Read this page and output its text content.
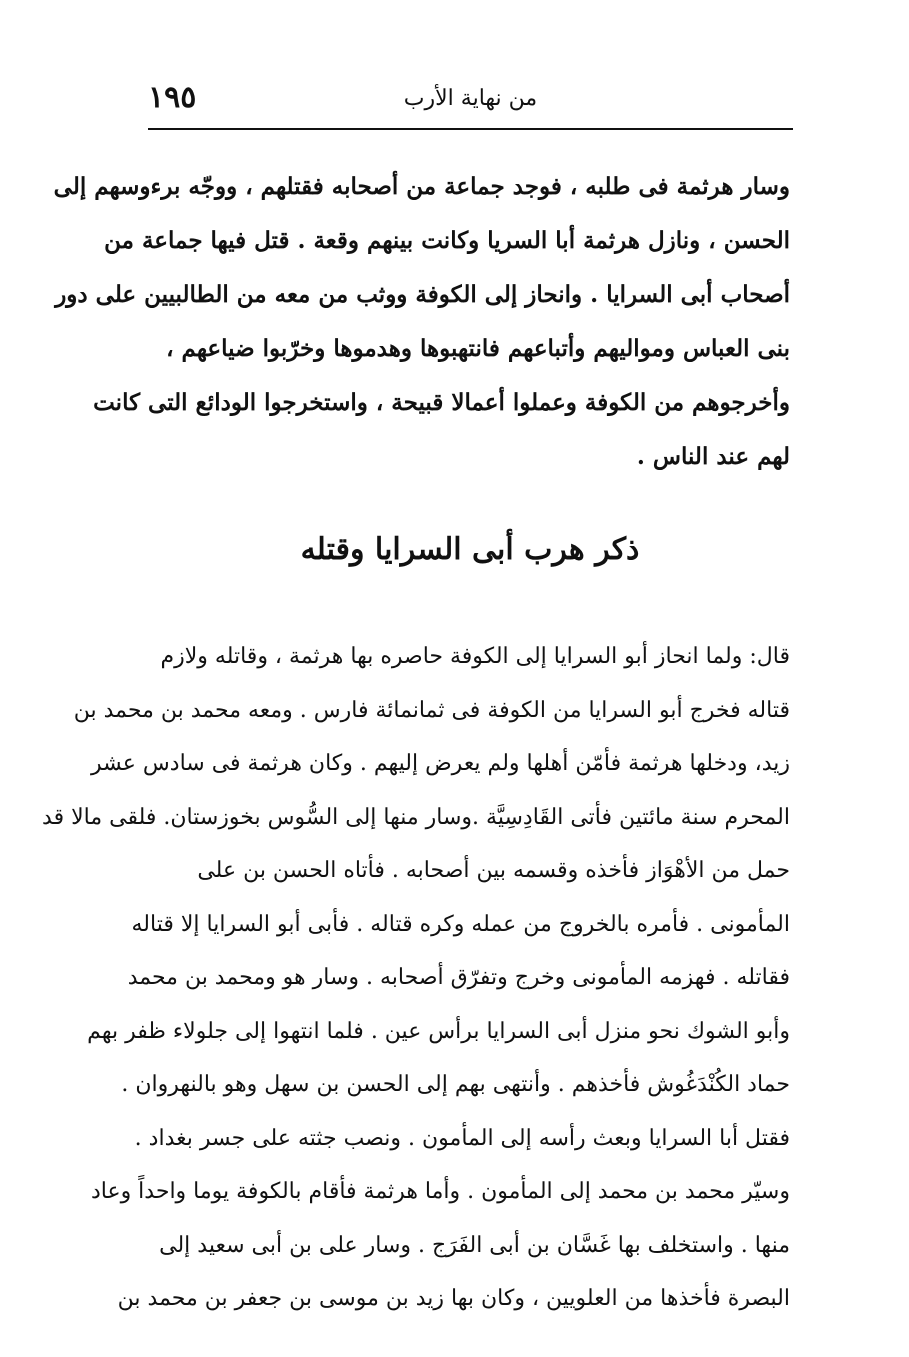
١٩٥	من نهاية الأرب
وسار هرثمة فى طلبه ، فوجد جماعة من أصحابه فقتلهم ، ووجّه برءوسهم إلى
الحسن ، ونازل هرثمة أبا السريا وكانت بينهم وقعة . قتل فيها جماعة من
أصحاب أبى السرايا . وانحاز إلى الكوفة ووثب من معه من الطالبيين على دور
بنى العباس ومواليهم وأتباعهم فانتهبوها وهدموها وخرّبوا ضياعهم ،
وأخرجوهم من الكوفة وعملوا أعمالا قبيحة ، واستخرجوا الودائع التى كانت
لهم عند الناس .
ذكر هرب أبى السرايا وقتله
قال: ولما انحاز أبو السرايا إلى الكوفة حاصره بها هرثمة ، وقاتله ولازم
قتاله فخرج أبو السرايا من الكوفة فى ثمانمائة فارس . ومعه محمد بن محمد بن
زيد، ودخلها هرثمة فأمّن أهلها ولم يعرض إليهم . وكان هرثمة فى سادس عشر
المحرم سنة مائتين فأتى القَادِسِيَّة .وسار منها إلى السُّوس بخوزستان. فلقى مالا قد
حمل من الأهْوَاز فأخذه وقسمه بين أصحابه . فأتاه الحسن بن على
المأمونى . فأمره بالخروج من عمله وكره قتاله . فأبى أبو السرايا إلا قتاله
فقاتله . فهزمه المأمونى وخرج وتفرّق أصحابه . وسار هو ومحمد بن محمد
وأبو الشوك نحو منزل أبى السرايا برأس عين . فلما انتهوا إلى جلولاء ظفر بهم
حماد الكُنْدَغُوش فأخذهم . وأنتهى بهم إلى الحسن بن سهل وهو بالنهروان .
فقتل أبا السرايا وبعث رأسه إلى المأمون . ونصب جثته على جسر بغداد .
وسيّر محمد بن محمد إلى المأمون . وأما هرثمة فأقام بالكوفة يوما واحداً وعاد
منها . واستخلف بها غَسَّان بن أبى الفَرَج . وسار على بن أبى سعيد إلى
البصرة فأخذها من العلويين ، وكان بها زيد بن موسى بن جعفر بن محمد بن
